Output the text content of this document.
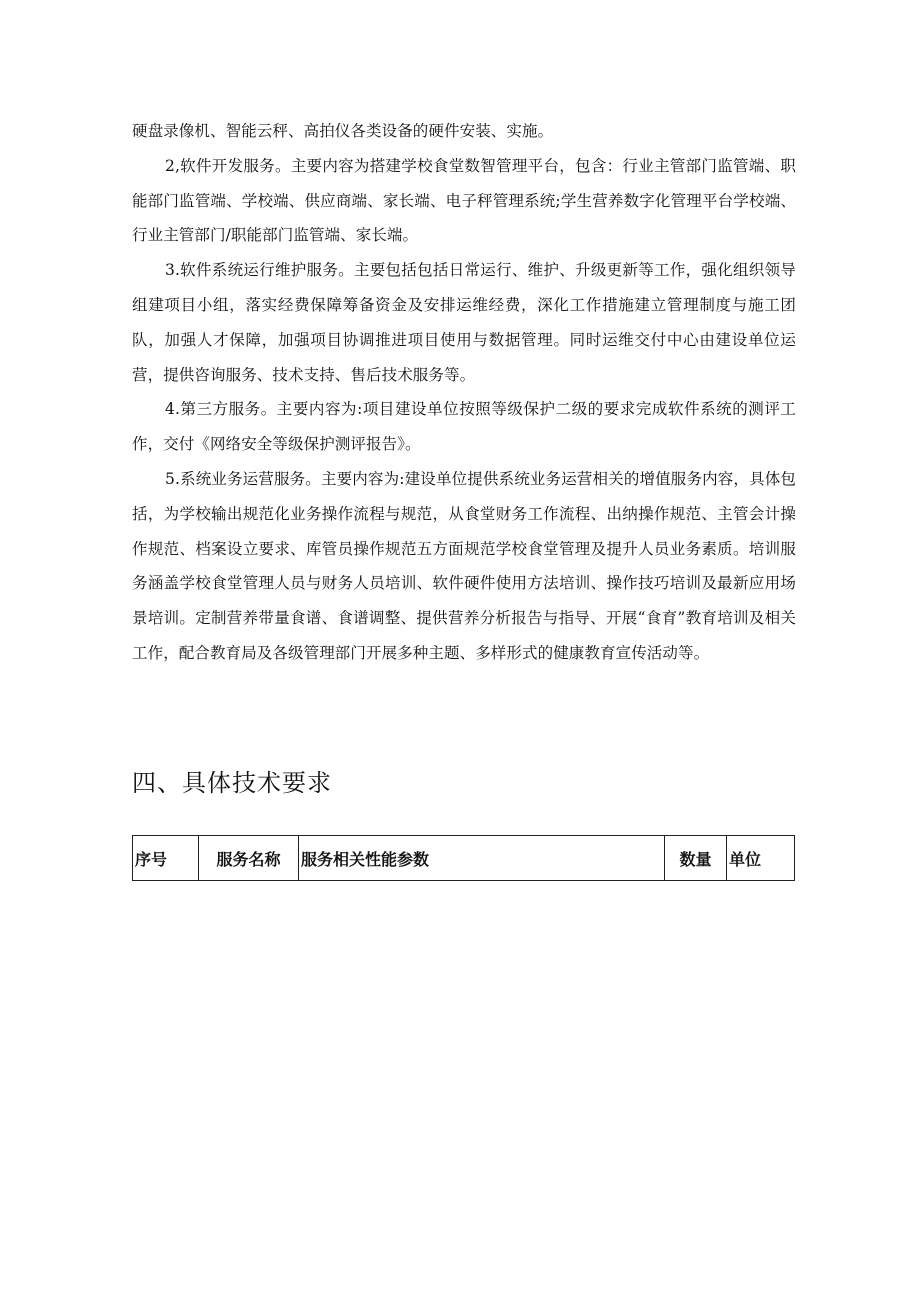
硬盘录像机、智能云秤、高拍仪各类设备的硬件安装、实施。

2,软件开发服务。主要内容为搭建学校食堂数智管理平台，包含：行业主管部门监管端、职能部门监管端、学校端、供应商端、家长端、电子秤管理系统;学生营养数字化管理平台学校端、行业主管部门/职能部门监管端、家长端。

3.软件系统运行维护服务。主要包括包括日常运行、维护、升级更新等工作，强化组织领导组建项目小组，落实经费保障筹备资金及安排运维经费，深化工作措施建立管理制度与施工团队，加强人才保障，加强项目协调推进项目使用与数据管理。同时运维交付中心由建设单位运营，提供咨询服务、技术支持、售后技术服务等。

4.第三方服务。主要内容为:项目建设单位按照等级保护二级的要求完成软件系统的测评工作，交付《网络安全等级保护测评报告》。

5.系统业务运营服务。主要内容为:建设单位提供系统业务运营相关的增值服务内容，具体包括，为学校输出规范化业务操作流程与规范，从食堂财务工作流程、出纳操作规范、主管会计操作规范、档案设立要求、库管员操作规范五方面规范学校食堂管理及提升人员业务素质。培训服务涵盖学校食堂管理人员与财务人员培训、软件硬件使用方法培训、操作技巧培训及最新应用场景培训。定制营养带量食谱、食谱调整、提供营养分析报告与指导、开展“食育”教育培训及相关工作，配合教育局及各级管理部门开展多种主题、多样形式的健康教育宣传活动等。

四、具体技术要求
序号	服务名称	服务相关性能参数	数量	单位
